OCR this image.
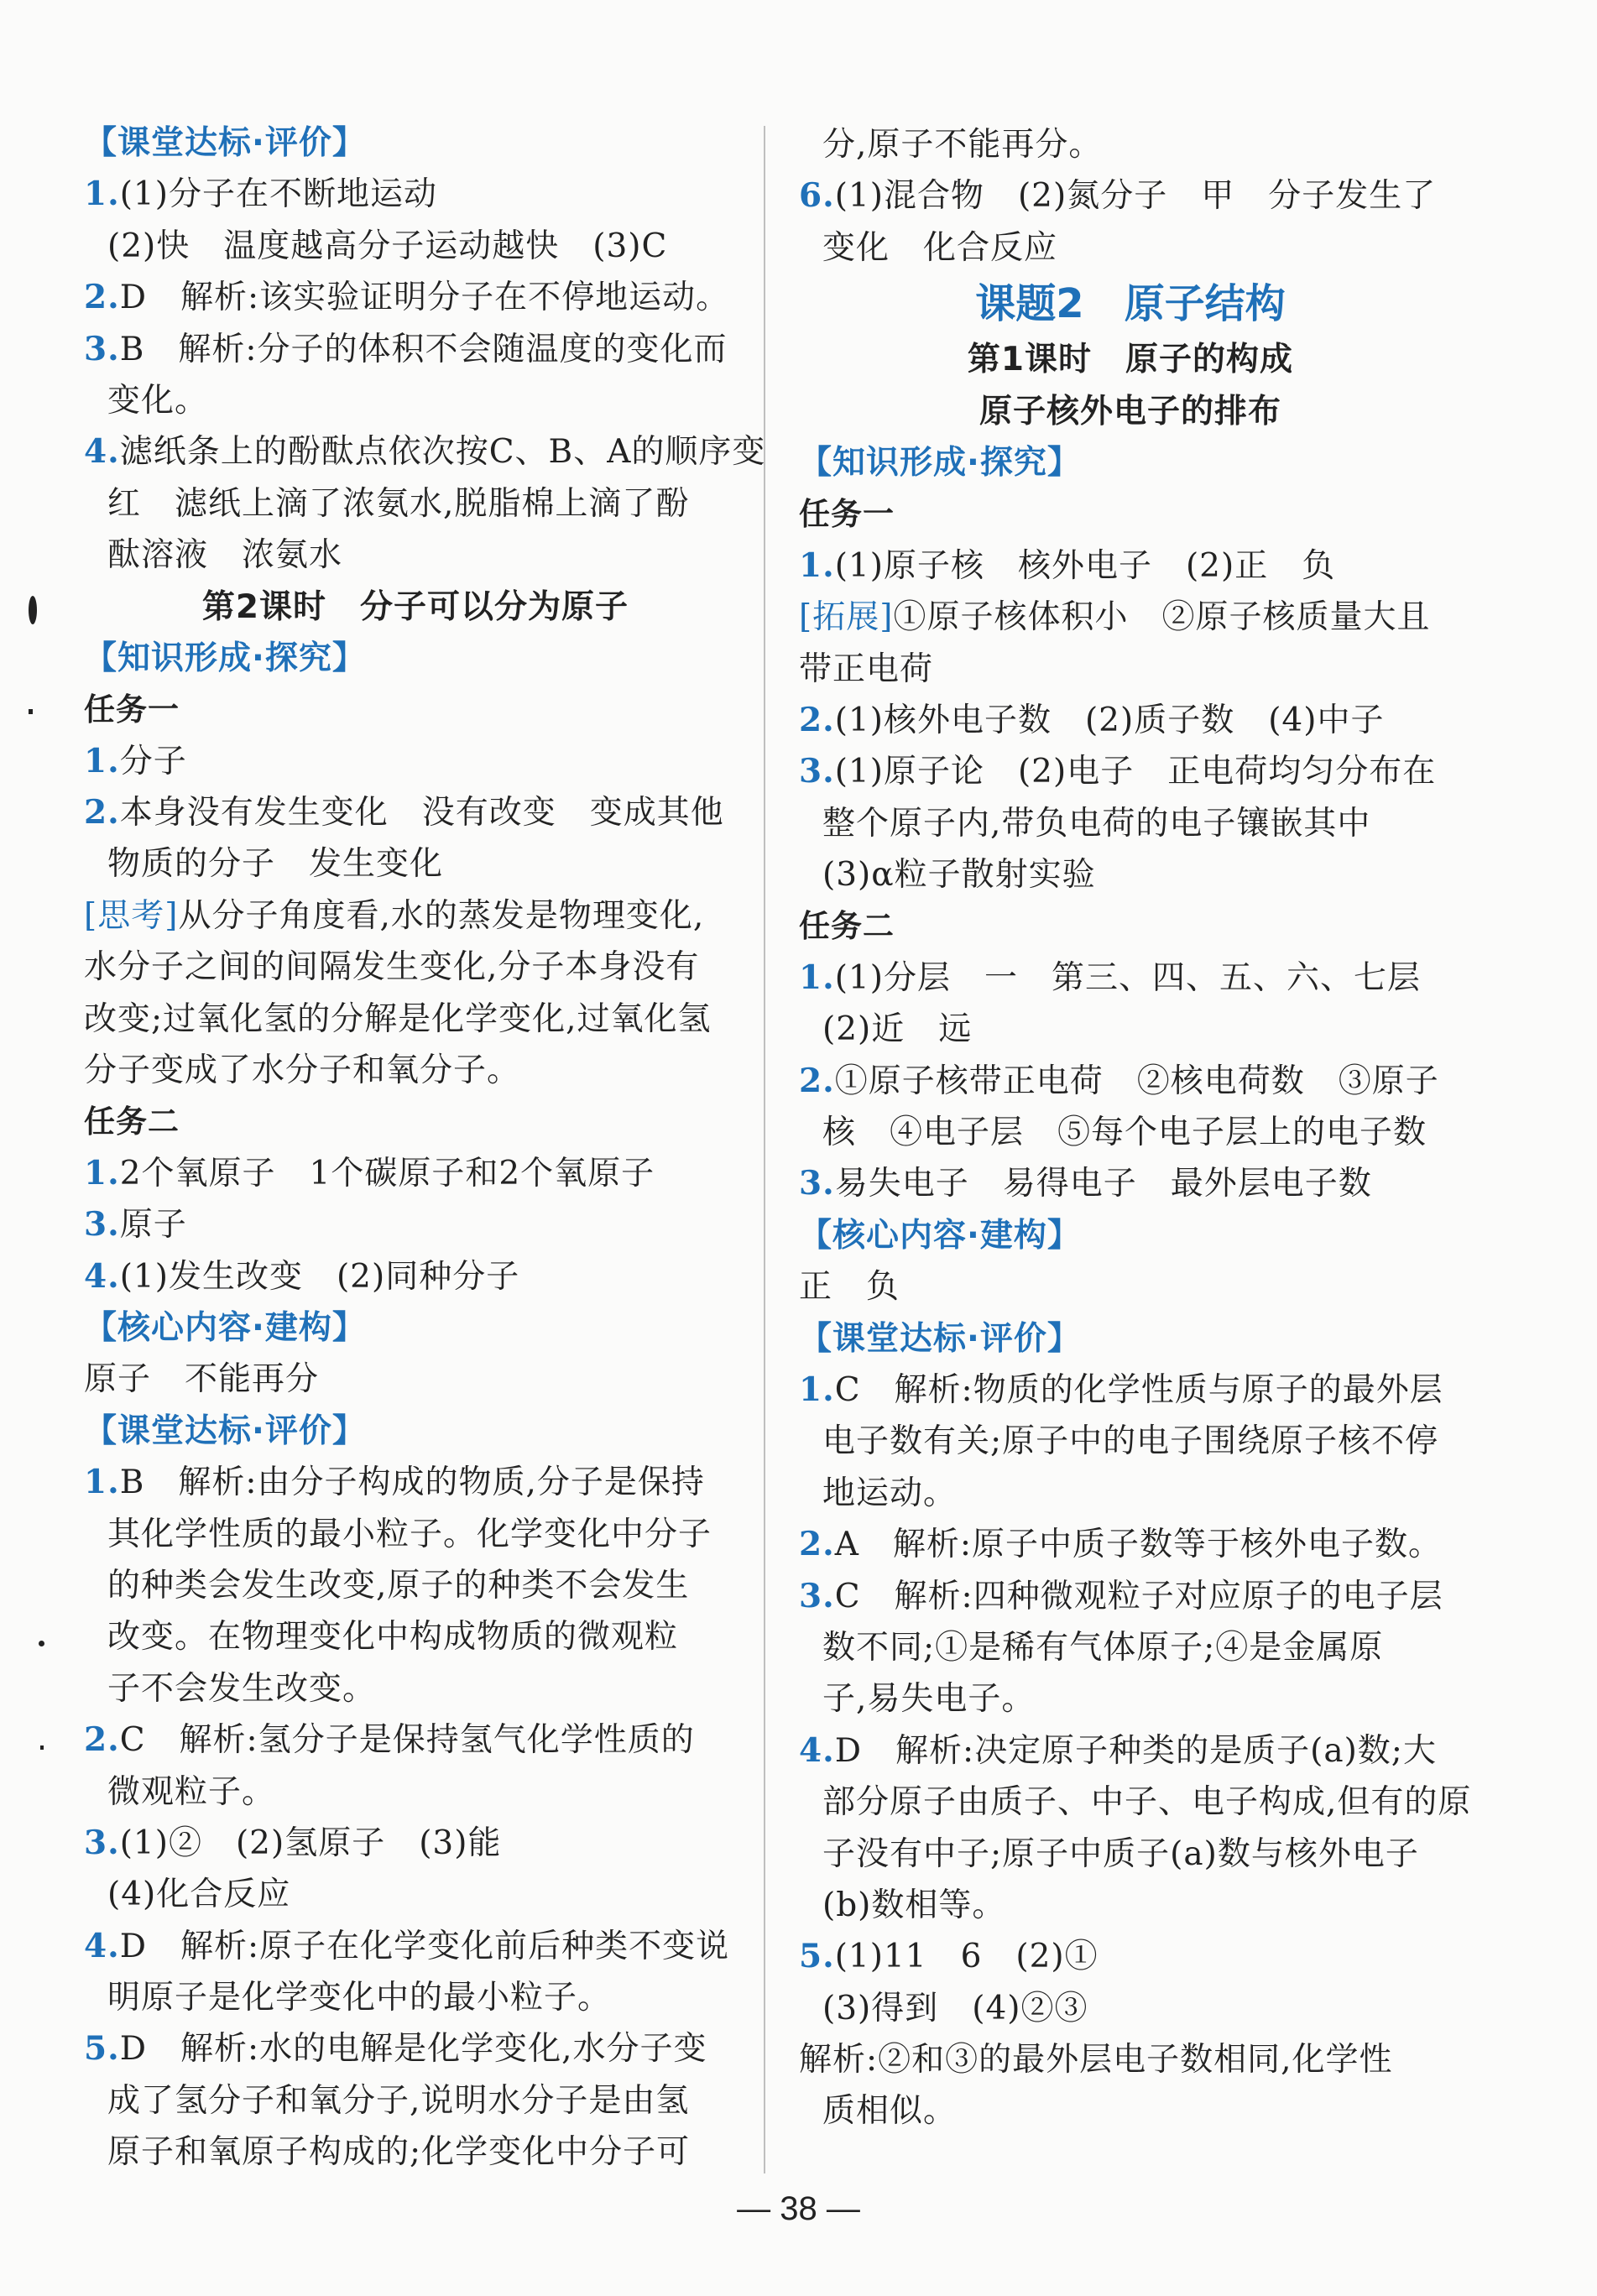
【课堂达标·评价】
1.(1)分子在不断地运动
(2)快　温度越高分子运动越快　(3)C
2.D　解析:该实验证明分子在不停地运动。
3.B　解析:分子的体积不会随温度的变化而
变化。
4.滤纸条上的酚酞点依次按C、B、A的顺序变
红　滤纸上滴了浓氨水,脱脂棉上滴了酚
酞溶液　浓氨水
第2课时　分子可以分为原子
【知识形成·探究】
任务一
1.分子
2.本身没有发生变化　没有改变　变成其他
物质的分子　发生变化
[思考]从分子角度看,水的蒸发是物理变化,
水分子之间的间隔发生变化,分子本身没有
改变;过氧化氢的分解是化学变化,过氧化氢
分子变成了水分子和氧分子。
任务二
1.2个氧原子　1个碳原子和2个氧原子
3.原子
4.(1)发生改变　(2)同种分子
【核心内容·建构】
原子　不能再分
【课堂达标·评价】
1.B　解析:由分子构成的物质,分子是保持
其化学性质的最小粒子。化学变化中分子
的种类会发生改变,原子的种类不会发生
改变。在物理变化中构成物质的微观粒
子不会发生改变。
2.C　解析:氢分子是保持氢气化学性质的
微观粒子。
3.(1)②　(2)氢原子　(3)能
(4)化合反应
4.D　解析:原子在化学变化前后种类不变说
明原子是化学变化中的最小粒子。
5.D　解析:水的电解是化学变化,水分子变
成了氢分子和氧分子,说明水分子是由氢
原子和氧原子构成的;化学变化中分子可
分,原子不能再分。
6.(1)混合物　(2)氮分子　甲　分子发生了
变化　化合反应
课题2　原子结构
第1课时　原子的构成
原子核外电子的排布
【知识形成·探究】
任务一
1.(1)原子核　核外电子　(2)正　负
[拓展]①原子核体积小　②原子核质量大且
带正电荷
2.(1)核外电子数　(2)质子数　(4)中子
3.(1)原子论　(2)电子　正电荷均匀分布在
整个原子内,带负电荷的电子镶嵌其中
(3)α粒子散射实验
任务二
1.(1)分层　一　第三、四、五、六、七层
(2)近　远
2.①原子核带正电荷　②核电荷数　③原子
核　④电子层　⑤每个电子层上的电子数
3.易失电子　易得电子　最外层电子数
【核心内容·建构】
正　负
【课堂达标·评价】
1.C　解析:物质的化学性质与原子的最外层
电子数有关;原子中的电子围绕原子核不停
地运动。
2.A　解析:原子中质子数等于核外电子数。
3.C　解析:四种微观粒子对应原子的电子层
数不同;①是稀有气体原子;④是金属原
子,易失电子。
4.D　解析:决定原子种类的是质子(a)数;大
部分原子由质子、中子、电子构成,但有的原
子没有中子;原子中质子(a)数与核外电子
(b)数相等。
5.(1)11　6　(2)①
(3)得到　(4)②③
解析:②和③的最外层电子数相同,化学性
质相似。
— 38 —
